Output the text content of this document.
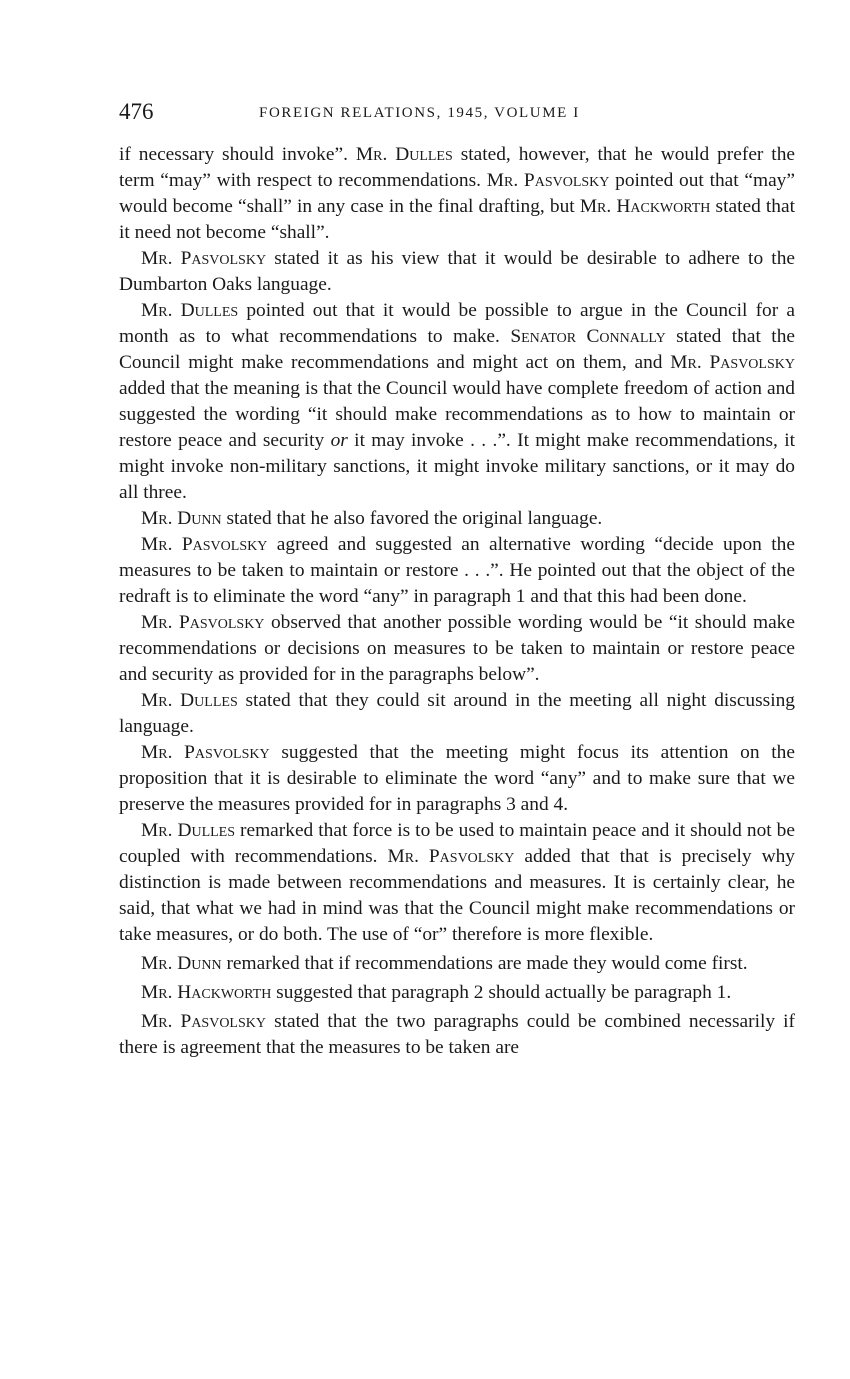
476	FOREIGN RELATIONS, 1945, VOLUME I

if necessary should invoke”. Mr. Dulles stated, however, that he would prefer the term “may” with respect to recommendations. Mr. Pasvolsky pointed out that “may” would become “shall” in any case in the final drafting, but Mr. Hackworth stated that it need not become “shall”.

Mr. Pasvolsky stated it as his view that it would be desirable to adhere to the Dumbarton Oaks language.

Mr. Dulles pointed out that it would be possible to argue in the Council for a month as to what recommendations to make. Senator Connally stated that the Council might make recommendations and might act on them, and Mr. Pasvolsky added that the meaning is that the Council would have complete freedom of action and suggested the wording “it should make recommendations as to how to maintain or restore peace and security or it may invoke . . .”. It might make recommendations, it might invoke non-military sanctions, it might invoke military sanctions, or it may do all three.

Mr. Dunn stated that he also favored the original language.

Mr. Pasvolsky agreed and suggested an alternative wording “decide upon the measures to be taken to maintain or restore . . .”. He pointed out that the object of the redraft is to eliminate the word “any” in paragraph 1 and that this had been done.

Mr. Pasvolsky observed that another possible wording would be “it should make recommendations or decisions on measures to be taken to maintain or restore peace and security as provided for in the paragraphs below”.

Mr. Dulles stated that they could sit around in the meeting all night discussing language.

Mr. Pasvolsky suggested that the meeting might focus its attention on the proposition that it is desirable to eliminate the word “any” and to make sure that we preserve the measures provided for in paragraphs 3 and 4.

Mr. Dulles remarked that force is to be used to maintain peace and it should not be coupled with recommendations. Mr. Pasvolsky added that that is precisely why distinction is made between recommendations and measures. It is certainly clear, he said, that what we had in mind was that the Council might make recommendations or take measures, or do both. The use of “or” therefore is more flexible.

Mr. Dunn remarked that if recommendations are made they would come first.

Mr. Hackworth suggested that paragraph 2 should actually be paragraph 1.

Mr. Pasvolsky stated that the two paragraphs could be combined necessarily if there is agreement that the measures to be taken are
